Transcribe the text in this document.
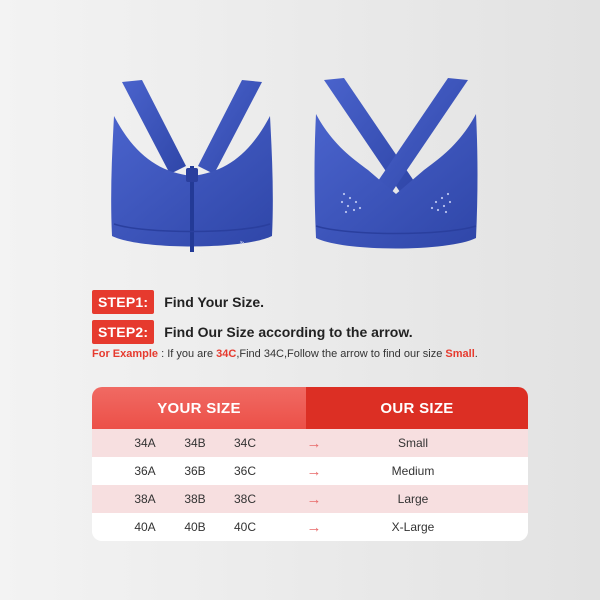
⪢
STEP1:	Find Your Size.
STEP2:	Find Our Size according to the arrow.
For Example : If you are 34C,Find 34C,Follow the arrow to find our size Small.
YOUR SIZE	OUR SIZE
34A	34B	34C	→	Small
36A	36B	36C	→	Medium
38A	38B	38C	→	Large
40A	40B	40C	→	X-Large
